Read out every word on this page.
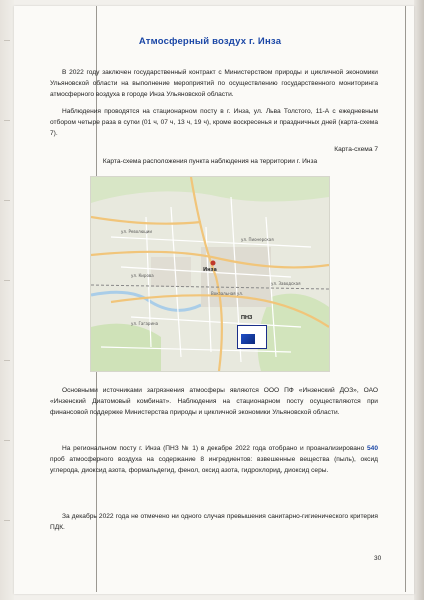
Атмосферный воздух г. Инза
В 2022 году заключен государственный контракт с Министерством природы и цикличной экономики Ульяновской области на выполнение мероприятий по осуществлению государственного мониторинга атмосферного воздуха в городе Инза Ульяновской области.
Наблюдения проводятся на стационарном посту в г. Инза, ул. Льва Толстого, 11-А с ежедневным отбором четыре раза в сутки (01 ч, 07 ч, 13 ч, 19 ч), кроме воскресенья и праздничных дней (карта-схема 7).
Карта-схема 7
Карта-схема расположения пункта наблюдения на территории г. Инза
Инза
ул. Революции
ул. Пионерская
ул. Кирова
ул. Заводская
Вокзальная ул.
ул. Гагарина
ПНЗ
Основными источниками загрязнения атмосферы являются ООО ПФ «Инзенский ДОЗ», ОАО «Инзенский Диатомовый комбинат». Наблюдения на стационарном посту осуществляются при финансовой поддержке Министерства природы и цикличной экономики Ульяновской области.
На региональном посту г. Инза (ПНЗ № 1) в декабре 2022 года отобрано и проанализировано 540 проб атмосферного воздуха на содержание 8 ингредиентов: взвешенные вещества (пыль), оксид углерода, диоксид азота, формальдегид, фенол, оксид азота, гидрохлорид, диоксид серы.
За декабрь 2022 года не отмечено ни одного случая превышения санитарно-гигиенического критерия ПДК.
30
